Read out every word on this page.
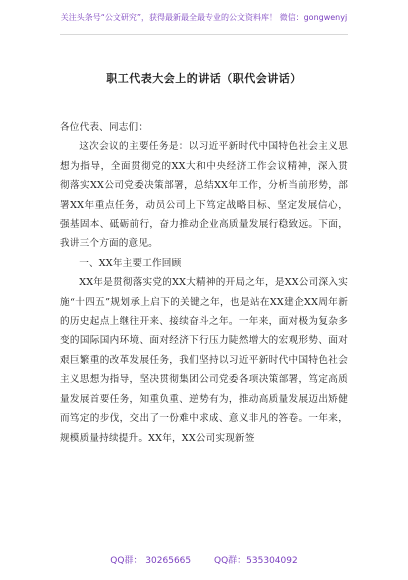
关注头条号“公文研究”，获得最新最全最专业的公文资料库！ 微信：gongwenyj
职工代表大会上的讲话（职代会讲话）

各位代表、同志们：

这次会议的主要任务是：以习近平新时代中国特色社会主义思想为指导，全面贯彻党的XX大和中央经济工作会议精神，深入贯彻落实XX公司党委决策部署，总结XX年工作，分析当前形势，部署XX年重点任务，动员公司上下笃定战略目标、坚定发展信心，强基固本、砥砺前行，奋力推动企业高质量发展行稳致远。下面，我讲三个方面的意见。

一、XX年主要工作回顾

XX年是贯彻落实党的XX大精神的开局之年，是XX公司深入实施“十四五”规划承上启下的关键之年，也是站在XX建企XX周年新的历史起点上继往开来、接续奋斗之年。一年来，面对极为复杂多变的国际国内环境、面对经济下行压力陡然增大的宏观形势、面对艰巨繁重的改革发展任务，我们坚持以习近平新时代中国特色社会主义思想为指导，坚决贯彻集团公司党委各项决策部署，笃定高质量发展首要任务，知重负重、逆势有为，推动高质量发展迈出矫健而笃定的步伐，交出了一份难中求成、意义非凡的答卷。一年来，规模质量持续提升。XX年，XX公司实现新签

QQ群： 30265665        QQ群：535304092
